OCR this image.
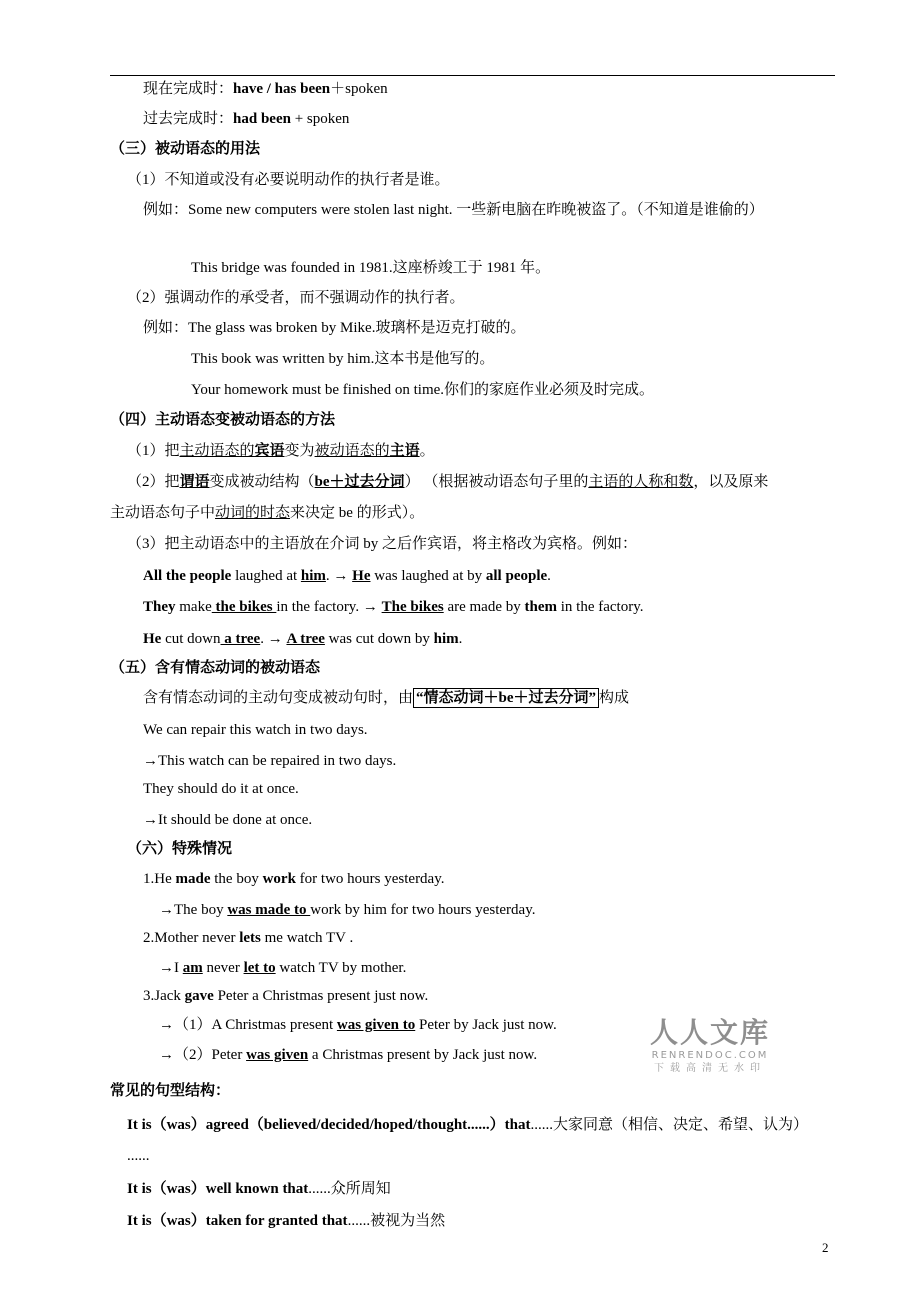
现在完成时：have / has been＋spoken
过去完成时：had been + spoken
（三）被动语态的用法
（1）不知道或没有必要说明动作的执行者是谁。
例如：Some new computers were stolen last night. 一些新电脑在昨晚被盗了。（不知道是谁偷的）
This bridge was founded in 1981.这座桥竣工于 1981 年。
（2）强调动作的承受者，而不强调动作的执行者。
例如：The glass was broken by Mike.玻璃杯是迈克打破的。
This book was written by him.这本书是他写的。
Your homework must be finished on time.你们的家庭作业必须及时完成。
（四）主动语态变被动语态的方法
（1）把主动语态的宾语变为被动语态的主语。
（2）把谓语变成被动结构（be＋过去分词） （根据被动语态句子里的主语的人称和数，以及原来
主动语态句子中动词的时态来决定 be 的形式）。
（3）把主动语态中的主语放在介词 by 之后作宾语，将主格改为宾格。例如：
All the people laughed at him. → He was laughed at by all people.
They make the bikes in the factory. → The bikes are made by them in the factory.
He cut down a tree. → A tree was cut down by him.
（五）含有情态动词的被动语态
含有情态动词的主动句变成被动句时，由 “情态动词＋be＋过去分词” 构成
We can repair this watch in two days.
→This watch can be repaired in two days.
They should do it at once.
→It should be done at once.
（六）特殊情况
1.He made the boy work for two hours yesterday.
→The boy was made to work by him for two hours yesterday.
2.Mother never lets me watch TV .
→I am never let to watch TV by mother.
3.Jack gave Peter a Christmas present just now.
→（1）A Christmas present was given to Peter by Jack just now.
→（2）Peter was given a Christmas present by Jack just now.
常见的句型结构：
It is（was）agreed（believed/decided/hoped/thought......）that......大家同意（相信、决定、希望、认为）
......
It is（was）well known that......众所周知
It is（was）taken for granted that......被视为当然
人人文库
RENRENDOC.COM
下载高清无水印
2
